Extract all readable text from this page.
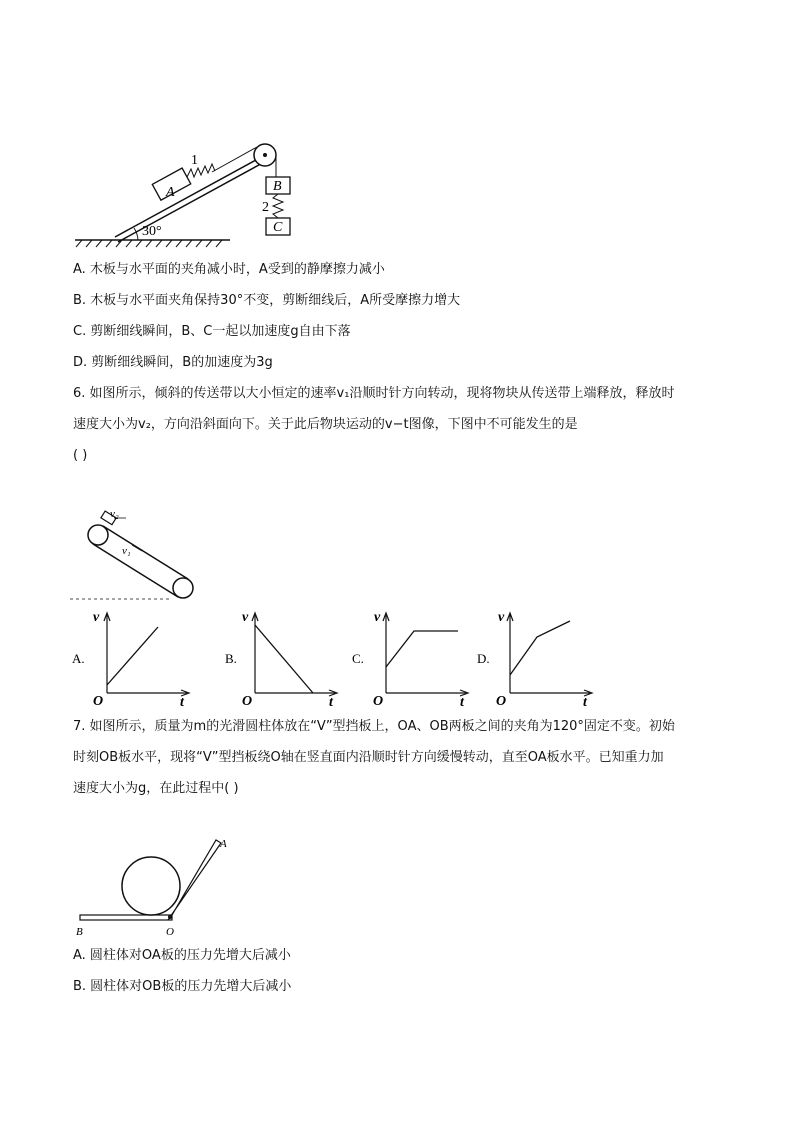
A
1
B
2
C
30°
A. 木板与水平面的夹角减小时，A受到的静摩擦力减小
B. 木板与水平面夹角保持30°不变，剪断细线后，A所受摩擦力增大
C. 剪断细线瞬间，B、C一起以加速度g自由下落
D. 剪断细线瞬间，B的加速度为3g
6. 如图所示，倾斜的传送带以大小恒定的速率v₁沿顺时针方向转动，现将物块从传送带上端释放，释放时
速度大小为v₂，方向沿斜面向下。关于此后物块运动的v−t图像，下图中不可能发生的是
( )
v₂
v₁
A.
v
t
O
B.
v
t
O
C.
v
t
O
D.
v
t
O
7. 如图所示，质量为m的光滑圆柱体放在“V”型挡板上，OA、OB两板之间的夹角为120°固定不变。初始
时刻OB板水平，现将“V”型挡板绕O轴在竖直面内沿顺时针方向缓慢转动，直至OA板水平。已知重力加
速度大小为g，在此过程中( )
A
B	O
A. 圆柱体对OA板的压力先增大后减小
B. 圆柱体对OB板的压力先增大后减小
